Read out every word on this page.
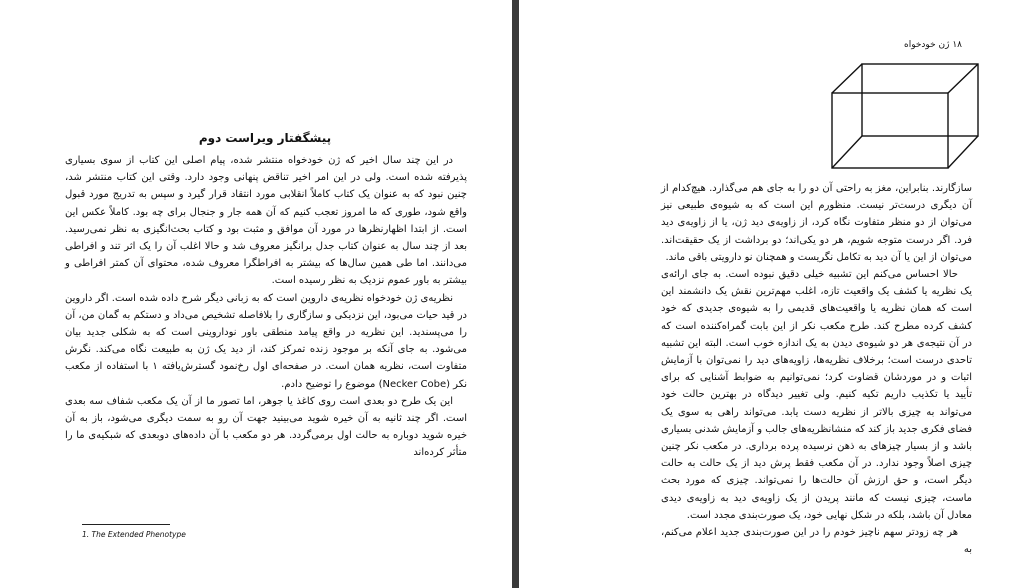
پیشگفتار ویراست دوم

در این چند سال اخیر که ژن خودخواه منتشر شده، پیام اصلی این کتاب از سوی بسیاری پذیرفته شده است. ولی در این امر اخیر تناقض پنهانی وجود دارد. وقتی این کتاب منتشر شد، چنین نبود که به عنوان یک کتاب کاملاً انقلابی مورد انتقاد قرار گیرد و سپس به تدریج مورد قبول واقع شود، طوری که ما امروز تعجب کنیم که آن همه جار و جنجال برای چه بود. کاملاً عکس این است. از ابتدا اظهارنظرها در مورد آن موافق و مثبت بود و کتاب بحث‌انگیزی به نظر نمی‌رسید. بعد از چند سال به عنوان کتاب جدل برانگیز معروف شد و حالا اغلب آن را یک اثر تند و افراطی می‌دانند. اما طی همین سال‌ها که بیشتر به افراطگرا معروف شده، محتوای آن کمتر افراطی و بیشتر به باور عموم نزدیک به نظر رسیده است.

نظریه‌ی ژن خودخواه نظریه‌ی داروین است که به زبانی دیگر شرح داده شده است. اگر داروین در قید حیات می‌بود، این نزدیکی و سازگاری را بلافاصله تشخیص می‌داد و دستکم به گمان من، آن را می‌پسندید. این نظریه در واقع پیامد منطقی باور نوداروینی است که به شکلی جدید بیان می‌شود. به جای آنکه بر موجود زنده تمرکز کند، از دید یک ژن به طبیعت نگاه می‌کند. نگرش متفاوت است، نظریه همان است. در صفحه‌ای اول رخ‌نمود گسترش‌یافته ۱ با استفاده از مکعب نکر (Necker Cobe) موضوع را توضیح دادم.

این یک طرح دو بعدی است روی کاغذ یا جوهر، اما تصور ما از آن یک مکعب شفاف سه بعدی است. اگر چند ثانیه به آن خیره شوید می‌بینید جهت آن رو به سمت دیگری می‌شود، باز به آن خیره شوید دوباره به حالت اول برمی‌گردد. هر دو مکعب با آن داده‌های دوبعدی که شبکیه‌ی ما را متأثر کرده‌اند

1. The Extended Phenotype
۱۸ ژن خودخواه

سازگارند. بنابراین، مغز به راحتی آن دو را به جای هم می‌گذارد. هیچ‌کدام از آن دیگری درست‌تر نیست. منظورم این است که به شیوه‌ی طبیعی نیز می‌توان از دو منظر متفاوت نگاه کرد، از زاویه‌ی دید ژن، یا از زاویه‌ی دید فرد. اگر درست متوجه شویم، هر دو یکی‌اند؛ دو برداشت از یک حقیقت‌اند. می‌توان از این یا آن دید به تکامل نگریست و همچنان نو دارویتی باقی ماند.

حالا احساس می‌کنم این تشبیه خیلی دقیق نبوده است. به جای ارائه‌ی یک نظریه یا کشف یک واقعیت تازه، اغلب مهم‌ترین نقش یک دانشمند این است که همان نظریه یا واقعیت‌های قدیمی را به شیوه‌ی جدیدی که خود کشف کرده مطرح کند. طرح مکعب نکر از این بابت گمراه‌کننده است که در آن نتیجه‌ی هر دو شیوه‌ی دیدن به یک اندازه خوب است. البته این تشبیه تاحدی درست است؛ برخلاف نظریه‌ها، زاویه‌های دید را نمی‌توان با آزمایش اثبات و در موردشان قضاوت کرد؛ نمی‌توانیم به ضوابط آشنایی که برای تأیید یا تکذیب داریم تکیه کنیم. ولی تغییر دیدگاه در بهترین حالت خود می‌تواند به چیزی بالاتر از نظریه دست یابد. می‌تواند راهی به سوی یک فضای فکری جدید باز کند که منشانظریه‌های جالب و آزمایش شدنی بسیاری باشد و از بسیار چیزهای به ذهن نرسیده پرده برداری. در مکعب نکر چنین چیزی اصلاً وجود ندارد. در آن مکعب فقط پرش دید از یک حالت به حالت دیگر است، و حق ارزش آن حالت‌ها را نمی‌تواند. چیزی که مورد بحث ماست، چیزی نیست که مانند پریدن از یک زاویه‌ی دید به زاویه‌ی دیدی معادل آن باشد، بلکه در شکل نهایی خود، یک صورت‌بندی مجدد است.

هر چه زودتر سهم ناچیز خودم را در این صورت‌بندی جدید اعلام می‌کنم، به
